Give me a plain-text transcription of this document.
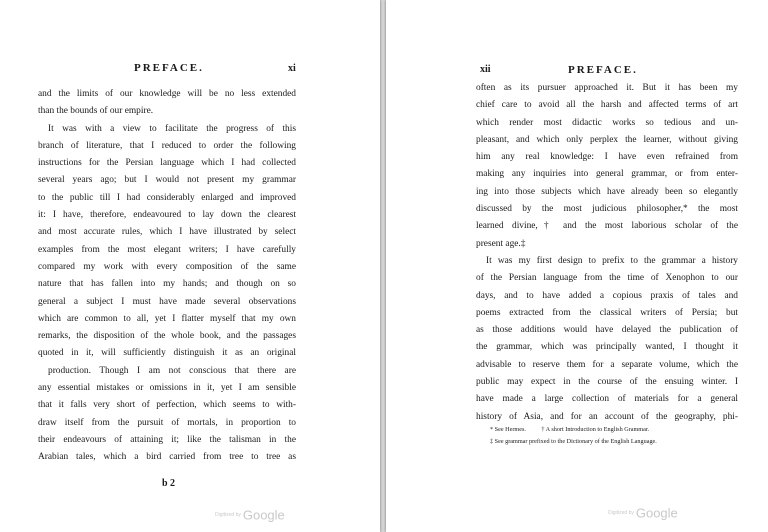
PREFACE.	xi
and the limits of our knowledge will be no less extended
than the bounds of our empire.
It was with a view to facilitate the progress of this
branch of literature, that I reduced to order the following
instructions for the Persian language which I had collected
several years ago; but I would not present my grammar
to the public till I had considerably enlarged and improved
it: I have, therefore, endeavoured to lay down the clearest
and most accurate rules, which I have illustrated by select
examples from the most elegant writers; I have carefully
compared my work with every composition of the same
nature that has fallen into my hands; and though on so
general a subject I must have made several observations
which are common to all, yet I flatter myself that my own
remarks, the disposition of the whole book, and the passages
quoted in it, will sufficiently distinguish it as an original
production. Though I am not conscious that there are
any essential mistakes or omissions in it, yet I am sensible
that it falls very short of perfection, which seems to with-
draw itself from the pursuit of mortals, in proportion to
their endeavours of attaining it; like the talisman in the
Arabian tales, which a bird carried from tree to tree as
b 2
Digitized by Google
xii	PREFACE.
often as its pursuer approached it. But it has been my
chief care to avoid all the harsh and affected terms of art
which render most didactic works so tedious and un-
pleasant, and which only perplex the learner, without giving
him any real knowledge: I have even refrained from
making any inquiries into general grammar, or from enter-
ing into those subjects which have already been so elegantly
discussed by the most judicious philosopher,* the most
learned divine,† and the most laborious scholar of the
present age.‡
It was my first design to prefix to the grammar a history
of the Persian language from the time of Xenophon to our
days, and to have added a copious praxis of tales and
poems extracted from the classical writers of Persia; but
as those additions would have delayed the publication of
the grammar, which was principally wanted, I thought it
advisable to reserve them for a separate volume, which the
public may expect in the course of the ensuing winter. I
have made a large collection of materials for a general
history of Asia, and for an account of the geography, phi-
* See Hermes.          † A short Introduction to English Grammar.
‡ See grammar prefixed to the Dictionary of the English Language.
Digitized by Google
